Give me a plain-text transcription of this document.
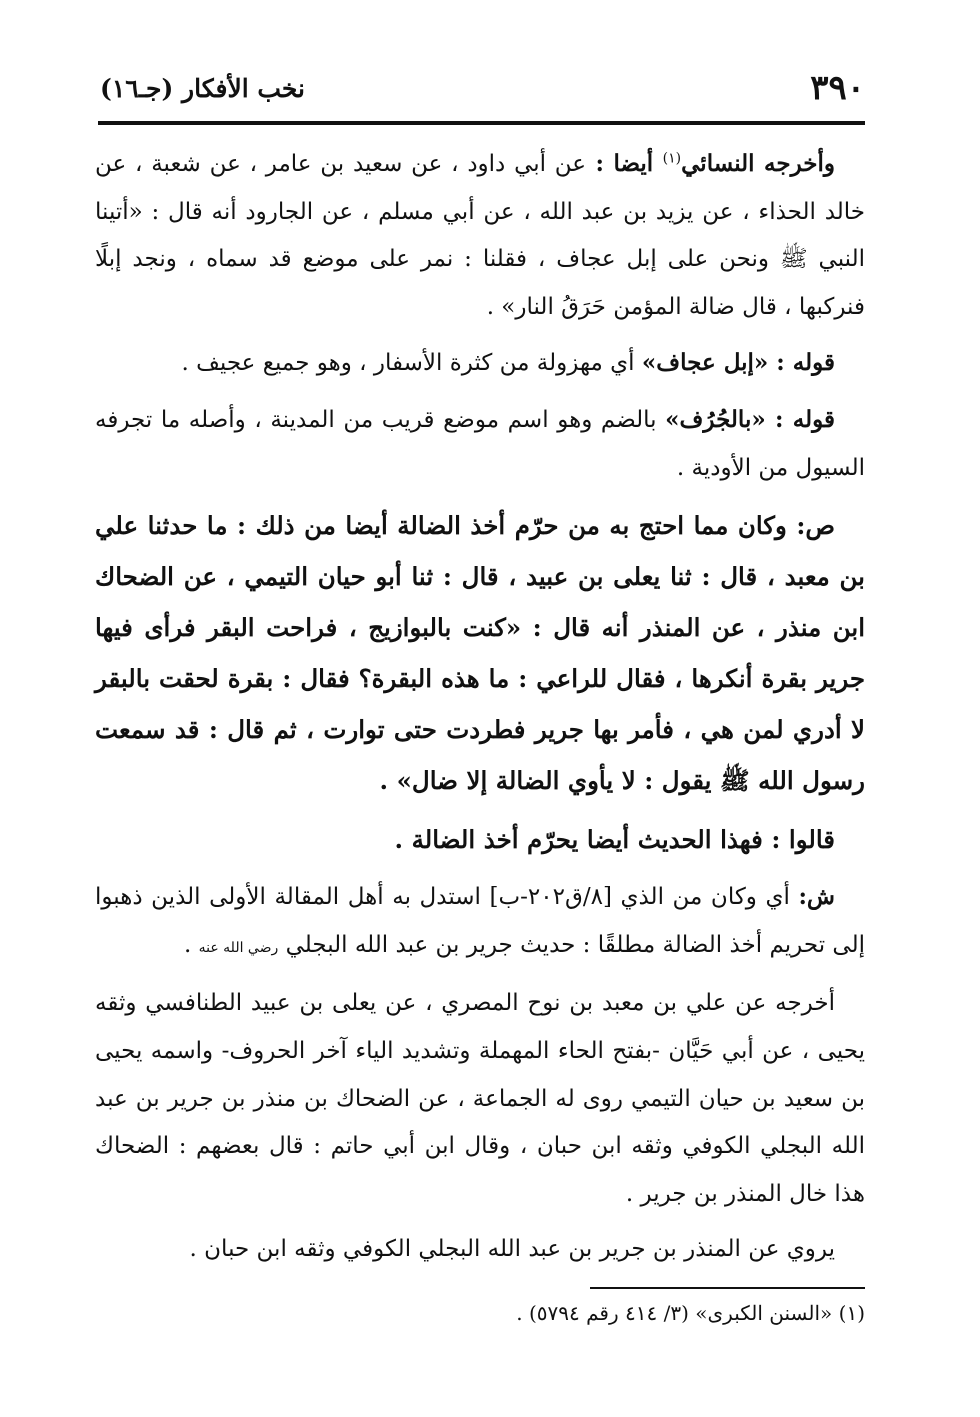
٣٩٠
نخب الأفكار (جـ١٦)

وأخرجه النسائي$^{(١)}$ أيضا : عن أبي داود ، عن سعيد بن عامر ، عن شعبة ، عن خالد الحذاء ، عن يزيد بن عبد الله ، عن أبي مسلم ، عن الجارود أنه قال : «أتينا النبي ﷺ ونحن على إبل عجاف ، فقلنا : نمر على موضع قد سماه ، ونجد إبلًا فنركبها ، قال ضالة المؤمن حَرَقُ النار» .

قوله : «إبل عجاف» أي مهزولة من كثرة الأسفار ، وهو جميع عجيف .

قوله : «بالجُرُف» بالضم وهو اسم موضع قريب من المدينة ، وأصله ما تجرفه السيول من الأودية .

ص: وكان مما احتج به من حرّم أخذ الضالة أيضا من ذلك : ما حدثنا علي بن معبد ، قال : ثنا يعلى بن عبيد ، قال : ثنا أبو حيان التيمي ، عن الضحاك ابن منذر ، عن المنذر أنه قال : «كنت بالبوازيج ، فراحت البقر فرأى فيها جرير بقرة أنكرها ، فقال للراعي : ما هذه البقرة؟ فقال : بقرة لحقت بالبقر لا أدري لمن هي ، فأمر بها جرير فطردت حتى توارت ، ثم قال : قد سمعت رسول الله ﷺ يقول : لا يأوي الضالة إلا ضال» .

قالوا : فهذا الحديث أيضا يحرّم أخذ الضالة .

ش: أي وكان من الذي [٨/ق٢٠٢-ب] استدل به أهل المقالة الأولى الذين ذهبوا إلى تحريم أخذ الضالة مطلقًا : حديث جرير بن عبد الله البجلي رضي الله عنه .

أخرجه عن علي بن معبد بن نوح المصري ، عن يعلى بن عبيد الطنافسي وثقه يحيى ، عن أبي حَيَّان -بفتح الحاء المهملة وتشديد الياء آخر الحروف- واسمه يحيى بن سعيد بن حيان التيمي روى له الجماعة ، عن الضحاك بن منذر بن جرير بن عبد الله البجلي الكوفي وثقه ابن حبان ، وقال ابن أبي حاتم : قال بعضهم : الضحاك هذا خال المنذر بن جرير .

يروي عن المنذر بن جرير بن عبد الله البجلي الكوفي وثقه ابن حبان .

(١) «السنن الكبرى» (٣/ ٤١٤ رقم ٥٧٩٤) .
